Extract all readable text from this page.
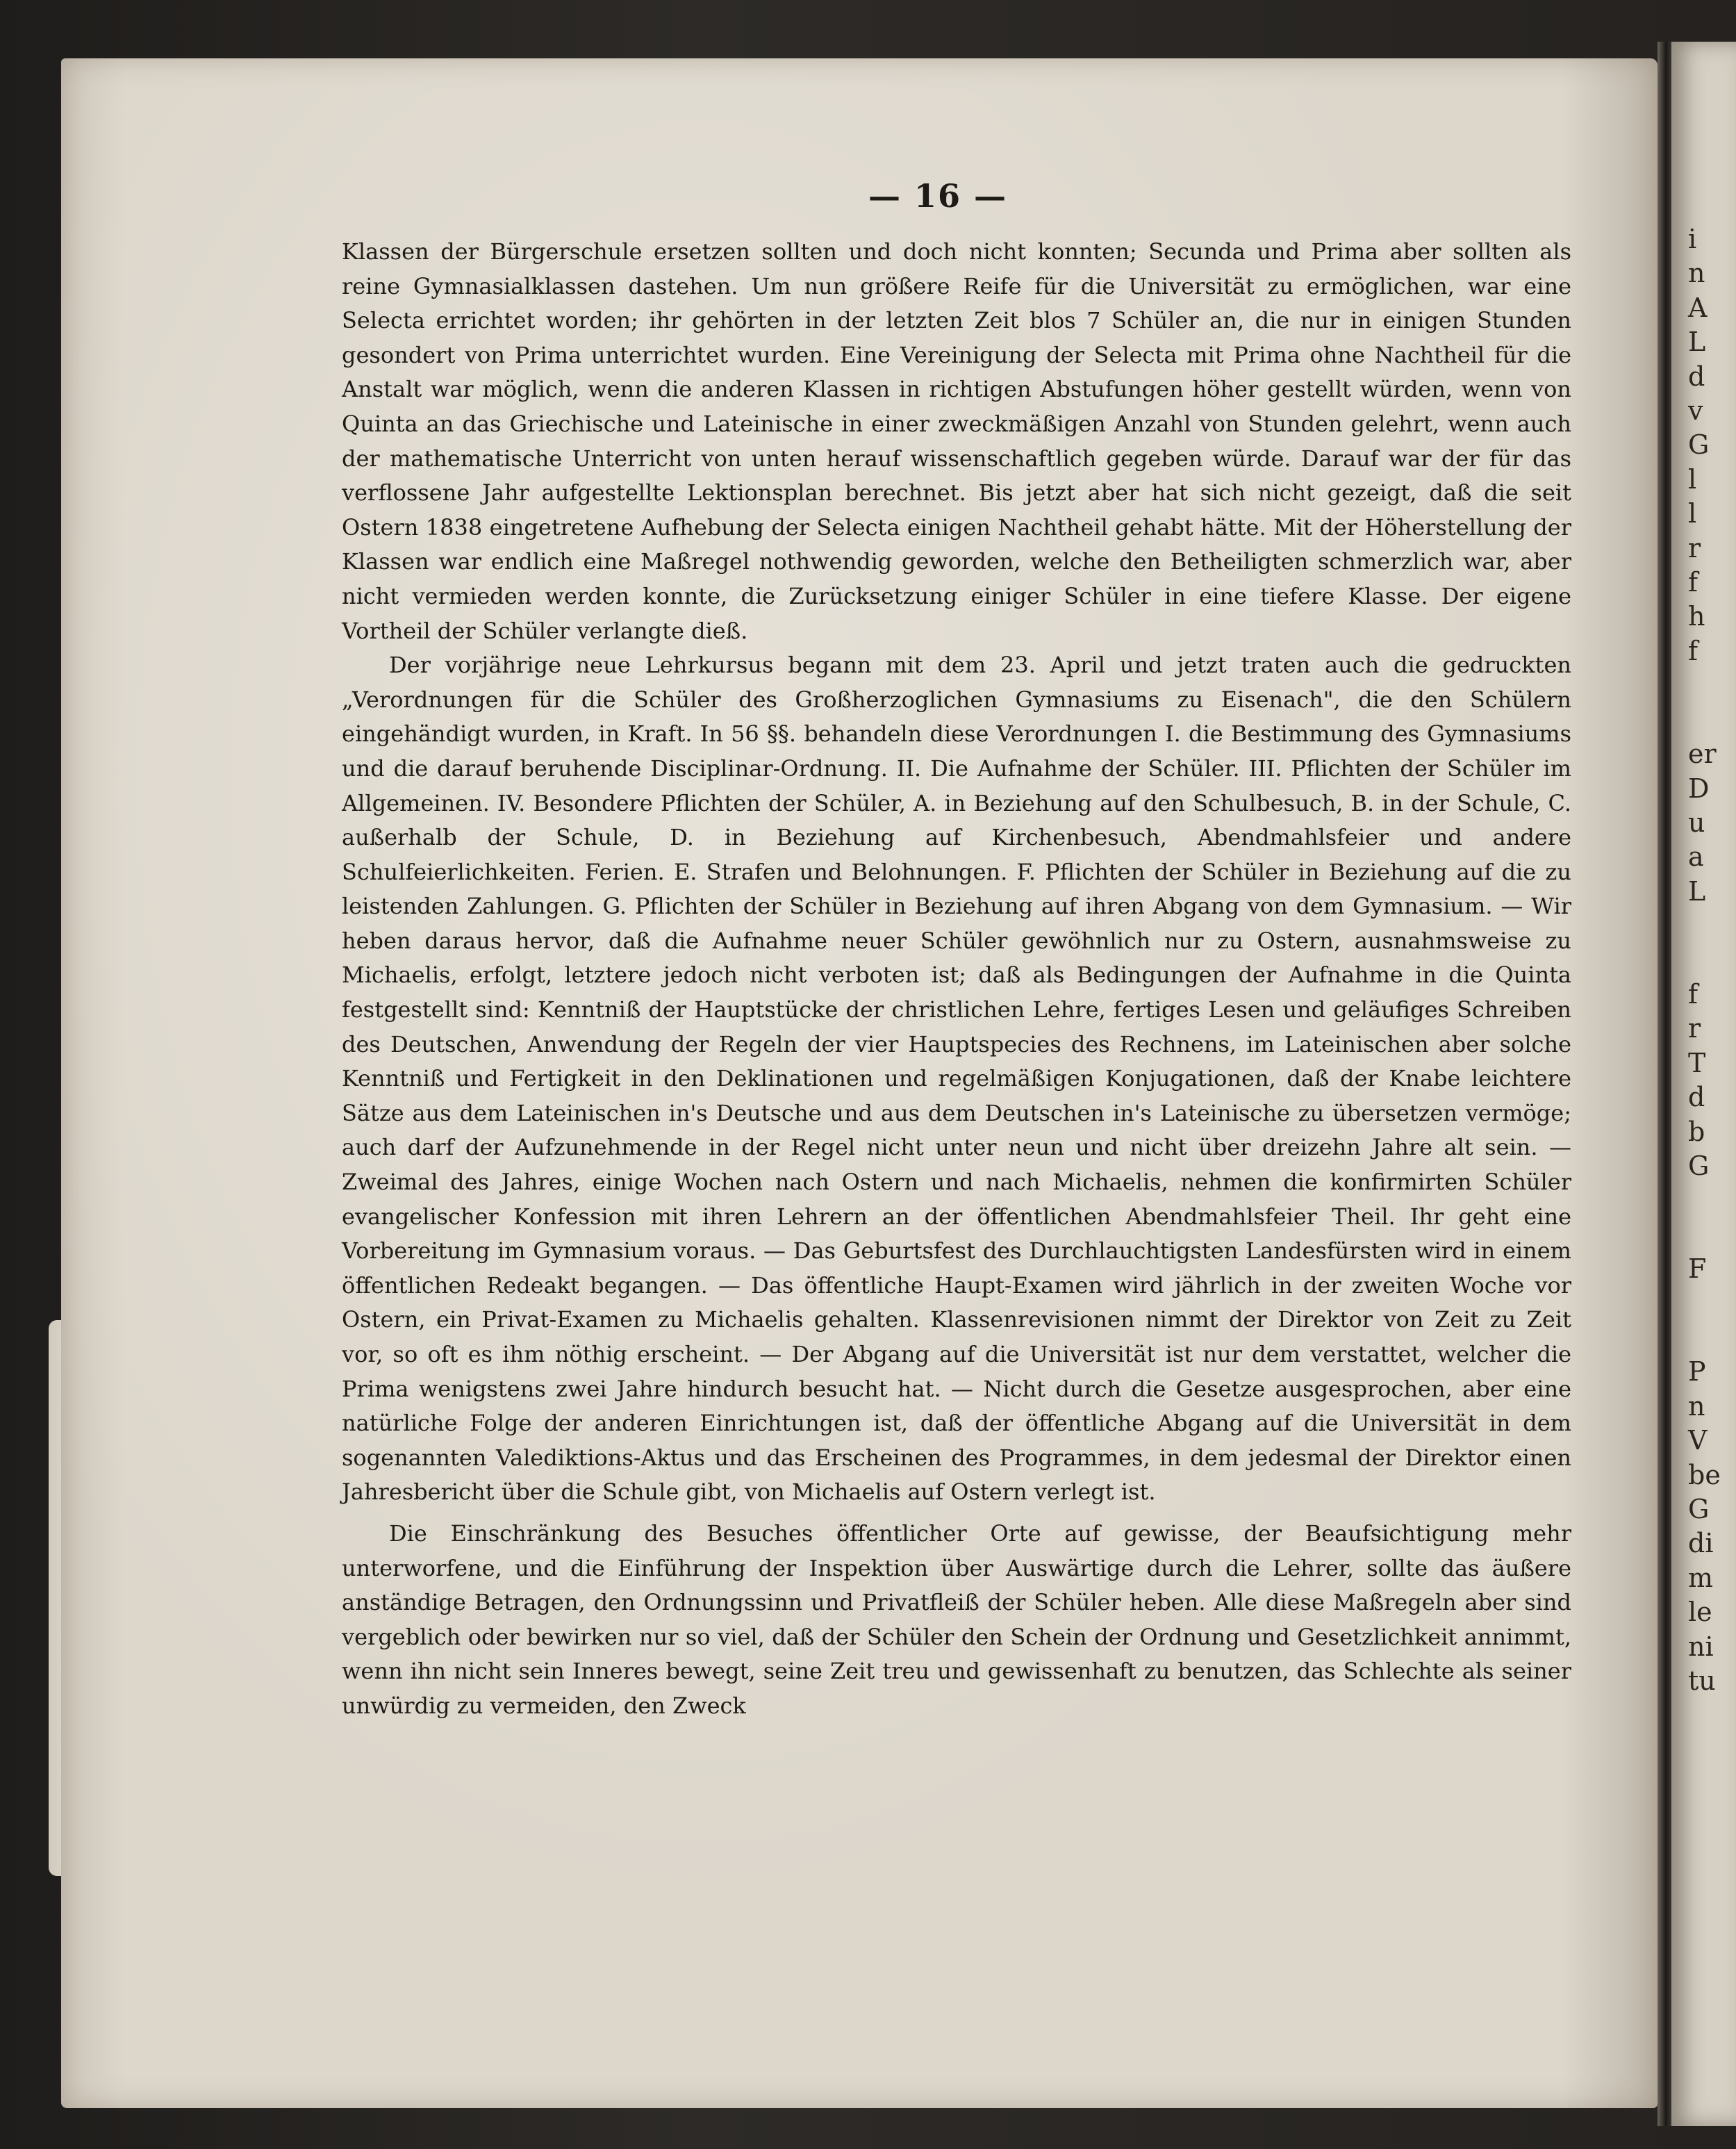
i
n
A
L
d
v
G
l
l
r
f
h
f

er
D
u
a
L

f
r
T
d
b
G

F

P
n
V
be
G
di
m
le
ni
tu
— 16 —

Klassen der Bürgerschule ersetzen sollten und doch nicht konnten; Secunda und Prima aber sollten als reine Gymnasialklassen dastehen. Um nun größere Reife für die Universität zu ermöglichen, war eine Selecta errichtet worden; ihr gehörten in der letzten Zeit blos 7 Schüler an, die nur in einigen Stunden gesondert von Prima unterrichtet wurden. Eine Vereinigung der Selecta mit Prima ohne Nachtheil für die Anstalt war möglich, wenn die anderen Klassen in richtigen Abstufungen höher gestellt würden, wenn von Quinta an das Griechische und Lateinische in einer zweckmäßigen Anzahl von Stunden gelehrt, wenn auch der mathematische Unterricht von unten herauf wissenschaftlich gegeben würde. Darauf war der für das verflossene Jahr aufgestellte Lektionsplan berechnet. Bis jetzt aber hat sich nicht gezeigt, daß die seit Ostern 1838 eingetretene Aufhebung der Selecta einigen Nachtheil gehabt hätte. Mit der Höherstellung der Klassen war endlich eine Maßregel nothwendig geworden, welche den Betheiligten schmerzlich war, aber nicht vermieden werden konnte, die Zurücksetzung einiger Schüler in eine tiefere Klasse. Der eigene Vortheil der Schüler verlangte dieß.

Der vorjährige neue Lehrkursus begann mit dem 23. April und jetzt traten auch die gedruckten „Verordnungen für die Schüler des Großherzoglichen Gymnasiums zu Eisenach", die den Schülern eingehändigt wurden, in Kraft. In 56 §§. behandeln diese Verordnungen I. die Bestimmung des Gymnasiums und die darauf beruhende Disciplinar-Ordnung. II. Die Aufnahme der Schüler. III. Pflichten der Schüler im Allgemeinen. IV. Besondere Pflichten der Schüler, A. in Beziehung auf den Schulbesuch, B. in der Schule, C. außerhalb der Schule, D. in Beziehung auf Kirchenbesuch, Abendmahlsfeier und andere Schulfeierlichkeiten. Ferien. E. Strafen und Belohnungen. F. Pflichten der Schüler in Beziehung auf die zu leistenden Zahlungen. G. Pflichten der Schüler in Beziehung auf ihren Abgang von dem Gymnasium. — Wir heben daraus hervor, daß die Aufnahme neuer Schüler gewöhnlich nur zu Ostern, ausnahmsweise zu Michaelis, erfolgt, letztere jedoch nicht verboten ist; daß als Bedingungen der Aufnahme in die Quinta festgestellt sind: Kenntniß der Hauptstücke der christlichen Lehre, fertiges Lesen und geläufiges Schreiben des Deutschen, Anwendung der Regeln der vier Hauptspecies des Rechnens, im Lateinischen aber solche Kenntniß und Fertigkeit in den Deklinationen und regelmäßigen Konjugationen, daß der Knabe leichtere Sätze aus dem Lateinischen in's Deutsche und aus dem Deutschen in's Lateinische zu übersetzen vermöge; auch darf der Aufzunehmende in der Regel nicht unter neun und nicht über dreizehn Jahre alt sein. — Zweimal des Jahres, einige Wochen nach Ostern und nach Michaelis, nehmen die konfirmirten Schüler evangelischer Konfession mit ihren Lehrern an der öffentlichen Abendmahlsfeier Theil. Ihr geht eine Vorbereitung im Gymnasium voraus. — Das Geburtsfest des Durchlauchtigsten Landesfürsten wird in einem öffentlichen Redeakt begangen. — Das öffentliche Haupt-Examen wird jährlich in der zweiten Woche vor Ostern, ein Privat-Examen zu Michaelis gehalten. Klassenrevisionen nimmt der Direktor von Zeit zu Zeit vor, so oft es ihm nöthig erscheint. — Der Abgang auf die Universität ist nur dem verstattet, welcher die Prima wenigstens zwei Jahre hindurch besucht hat. — Nicht durch die Gesetze ausgesprochen, aber eine natürliche Folge der anderen Einrichtungen ist, daß der öffentliche Abgang auf die Universität in dem sogenannten Valediktions-Aktus und das Erscheinen des Programmes, in dem jedesmal der Direktor einen Jahresbericht über die Schule gibt, von Michaelis auf Ostern verlegt ist.

Die Einschränkung des Besuches öffentlicher Orte auf gewisse, der Beaufsichtigung mehr unterworfene, und die Einführung der Inspektion über Auswärtige durch die Lehrer, sollte das äußere anständige Betragen, den Ordnungssinn und Privatfleiß der Schüler heben. Alle diese Maßregeln aber sind vergeblich oder bewirken nur so viel, daß der Schüler den Schein der Ordnung und Gesetzlichkeit annimmt, wenn ihn nicht sein Inneres bewegt, seine Zeit treu und gewissenhaft zu benutzen, das Schlechte als seiner unwürdig zu vermeiden, den Zweck
